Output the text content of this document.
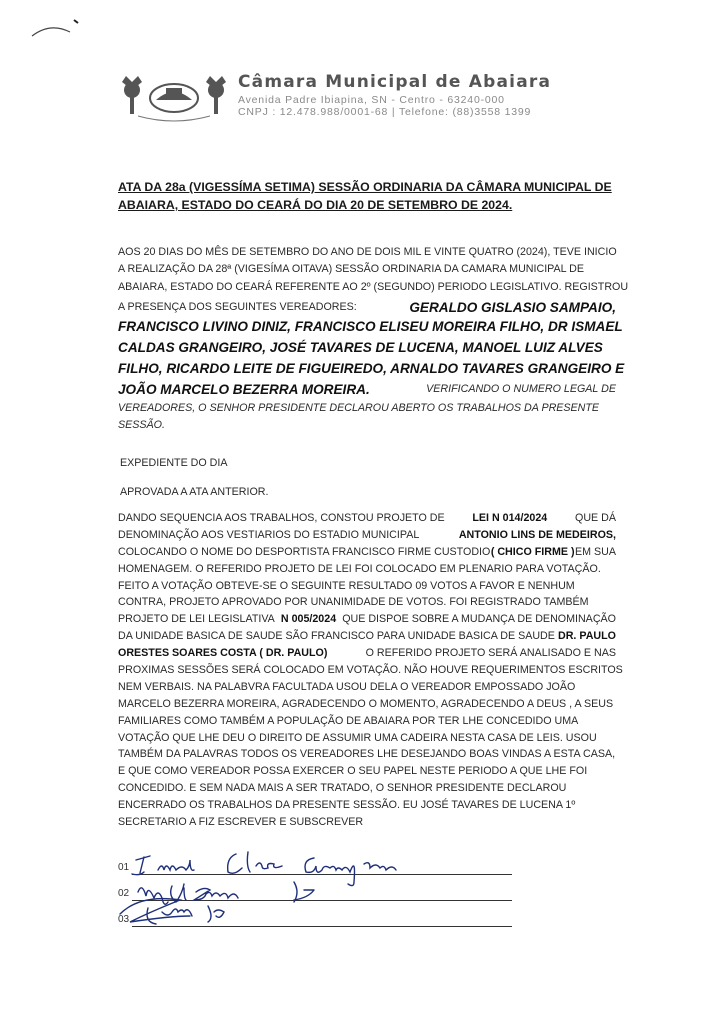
Câmara Municipal de Abaiara
Avenida Padre Ibiapina, SN - Centro - 63240-000
CNPJ : 12.478.988/0001-68 | Telefone: (88)3558 1399
ATA DA 28a (VIGESSÍMA SETIMA) SESSÃO ORDINARIA DA CÂMARA MUNICIPAL DE
ABAIARA, ESTADO DO CEARÁ DO DIA 20 DE SETEMBRO DE 2024.
AOS 20 DIAS DO MÊS DE SETEMBRO DO ANO DE DOIS MIL E VINTE QUATRO (2024), TEVE INICIO
A REALIZAÇÃO DA 28ª (VIGESÍMA OITAVA) SESSÃO ORDINARIA DA CAMARA MUNICIPAL DE
ABAIARA, ESTADO DO CEARÁ REFERENTE AO 2º (SEGUNDO) PERIODO LEGISLATIVO. REGISTROU
A PRESENÇA DOS SEGUINTES VEREADORES:	GERALDO GISLASIO SAMPAIO,
FRANCISCO LIVINO DINIZ, FRANCISCO ELISEU MOREIRA FILHO, DR ISMAEL
CALDAS GRANGEIRO, JOSÉ TAVARES DE LUCENA, MANOEL LUIZ ALVES
FILHO, RICARDO LEITE DE FIGUEIREDO, ARNALDO TAVARES GRANGEIRO E
JOÃO MARCELO BEZERRA MOREIRA.	VERIFICANDO O NUMERO LEGAL DE
VEREADORES, O SENHOR PRESIDENTE DECLAROU ABERTO OS TRABALHOS DA PRESENTE
SESSÃO.
EXPEDIENTE DO DIA
APROVADA A ATA ANTERIOR.
DANDO SEQUENCIA AOS TRABALHOS, CONSTOU PROJETO DE	LEI N 014/2024	QUE DÁ
DENOMINAÇÃO AOS VESTIARIOS DO ESTADIO MUNICIPAL	ANTONIO LINS DE MEDEIROS,
COLOCANDO O NOME DO DESPORTISTA FRANCISCO FIRME CUSTODIO ( CHICO FIRME ) EM SUA
HOMENAGEM. O REFERIDO PROJETO DE LEI FOI COLOCADO EM PLENARIO PARA VOTAÇÃO.
FEITO A VOTAÇÃO OBTEVE-SE O SEGUINTE RESULTADO 09 VOTOS A FAVOR E NENHUM
CONTRA, PROJETO APROVADO POR UNANIMIDADE DE VOTOS. FOI REGISTRADO TAMBÉM
PROJETO DE LEI LEGISLATIVA N 005/2024 QUE DISPOE SOBRE A MUDANÇA DE DENOMINAÇÃO
DA UNIDADE BASICA DE SAUDE SÃO FRANCISCO PARA UNIDADE BASICA DE SAUDE DR. PAULO
ORESTES SOARES COSTA ( DR. PAULO)	O REFERIDO PROJETO SERÁ ANALISADO E NAS
PROXIMAS SESSÕES SERÁ COLOCADO EM VOTAÇÃO. NÃO HOUVE REQUERIMENTOS ESCRITOS
NEM VERBAIS. NA PALABVRA FACULTADA USOU DELA O VEREADOR EMPOSSADO JOÃO
MARCELO BEZERRA MOREIRA, AGRADECENDO O MOMENTO, AGRADECENDO A DEUS , A SEUS
FAMILIARES COMO TAMBÉM A POPULAÇÃO DE ABAIARA POR TER LHE CONCEDIDO UMA
VOTAÇÃO QUE LHE DEU O DIREITO DE ASSUMIR UMA CADEIRA NESTA CASA DE LEIS. USOU
TAMBÉM DA PALAVRAS TODOS OS VEREADORES LHE DESEJANDO BOAS VINDAS A ESTA CASA,
E QUE COMO VEREADOR POSSA EXERCER O SEU PAPEL NESTE PERIODO A QUE LHE FOI
CONCEDIDO. E SEM NADA MAIS A SER TRATADO, O SENHOR PRESIDENTE DECLAROU
ENCERRADO OS TRABALHOS DA PRESENTE SESSÃO. EU JOSÉ TAVARES DE LUCENA 1º
SECRETARIO A FIZ ESCREVER E SUBSCREVER
01
02
03
